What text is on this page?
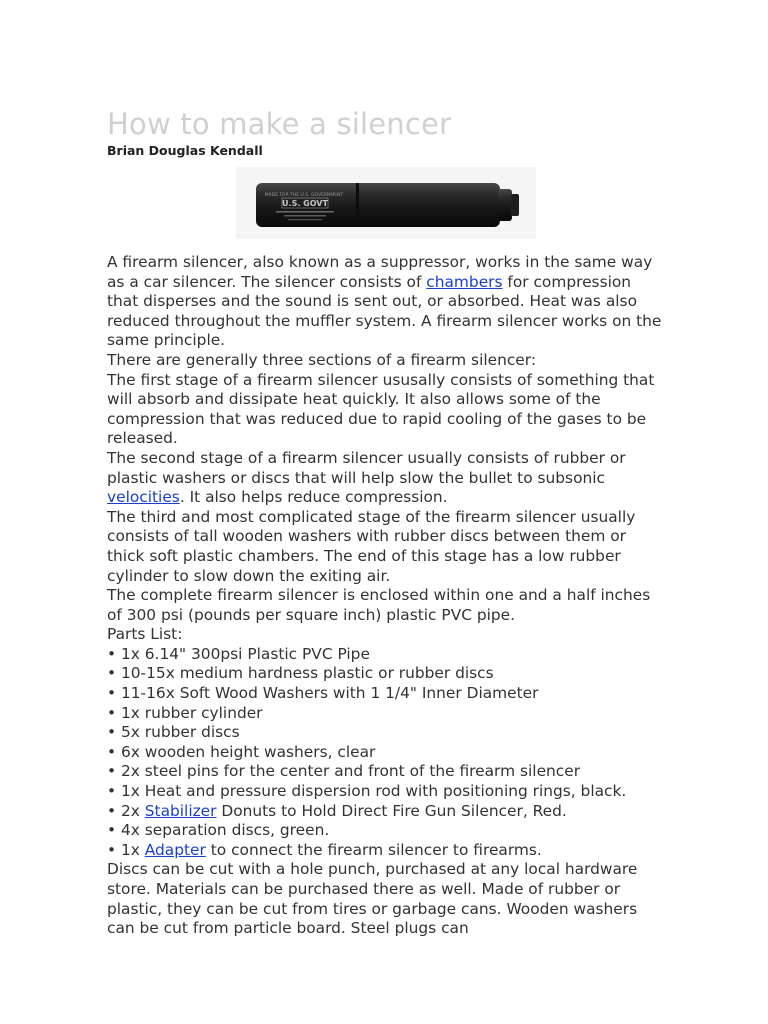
How to make a silencer
Brian Douglas Kendall
MADE FOR THE U.S. GOVERNMENT
U.S. GOVT

A firearm silencer, also known as a suppressor, works in the same way as a car silencer. The silencer consists of chambers for compression that disperses and the sound is sent out, or absorbed. Heat was also reduced throughout the muffler system. A firearm silencer works on the same principle.

There are generally three sections of a firearm silencer:

The first stage of a firearm silencer ususally consists of something that will absorb and dissipate heat quickly. It also allows some of the compression that was reduced due to rapid cooling of the gases to be released.

The second stage of a firearm silencer usually consists of rubber or plastic washers or discs that will help slow the bullet to subsonic velocities. It also helps reduce compression.

The third and most complicated stage of the firearm silencer usually consists of tall wooden washers with rubber discs between them or thick soft plastic chambers. The end of this stage has a low rubber cylinder to slow down the exiting air.

The complete firearm silencer is enclosed within one and a half inches of 300 psi (pounds per square inch) plastic PVC pipe.

Parts List:

• 1x 6.14" 300psi Plastic PVC Pipe

• 10-15x medium hardness plastic or rubber discs

• 11-16x Soft Wood Washers with 1 1/4" Inner Diameter

• 1x rubber cylinder

• 5x rubber discs

• 6x wooden height washers, clear

• 2x steel pins for the center and front of the firearm silencer

• 1x Heat and pressure dispersion rod with positioning rings, black.

• 2x Stabilizer Donuts to Hold Direct Fire Gun Silencer, Red.

• 4x separation discs, green.

• 1x Adapter to connect the firearm silencer to firearms.

Discs can be cut with a hole punch, purchased at any local hardware store. Materials can be purchased there as well. Made of rubber or plastic, they can be cut from tires or garbage cans. Wooden washers can be cut from particle board. Steel plugs can
